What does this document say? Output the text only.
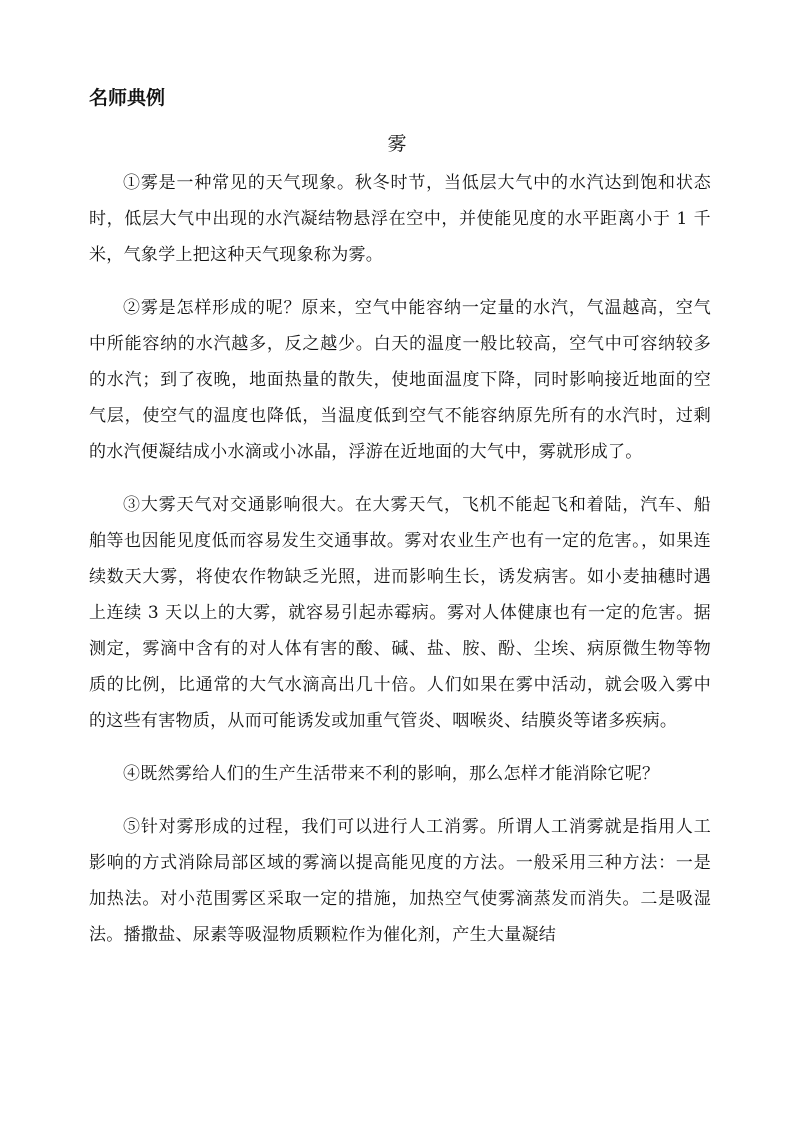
名师典例
雾

①雾是一种常见的天气现象。秋冬时节，当低层大气中的水汽达到饱和状态时，低层大气中出现的水汽凝结物悬浮在空中，并使能见度的水平距离小于 1 千米，气象学上把这种天气现象称为雾。

②雾是怎样形成的呢？原来，空气中能容纳一定量的水汽，气温越高，空气中所能容纳的水汽越多，反之越少。白天的温度一般比较高，空气中可容纳较多的水汽；到了夜晚，地面热量的散失，使地面温度下降，同时影响接近地面的空气层，使空气的温度也降低，当温度低到空气不能容纳原先所有的水汽时，过剩的水汽便凝结成小水滴或小冰晶，浮游在近地面的大气中，雾就形成了。

③大雾天气对交通影响很大。在大雾天气，飞机不能起飞和着陆，汽车、船舶等也因能见度低而容易发生交通事故。雾对农业生产也有一定的危害。，如果连续数天大雾，将使农作物缺乏光照，进而影响生长，诱发病害。如小麦抽穗时遇上连续 3 天以上的大雾，就容易引起赤霉病。雾对人体健康也有一定的危害。据测定，雾滴中含有的对人体有害的酸、碱、盐、胺、酚、尘埃、病原微生物等物质的比例，比通常的大气水滴高出几十倍。人们如果在雾中活动，就会吸入雾中的这些有害物质，从而可能诱发或加重气管炎、咽喉炎、结膜炎等诸多疾病。

④既然雾给人们的生产生活带来不利的影响，那么怎样才能消除它呢？

⑤针对雾形成的过程，我们可以进行人工消雾。所谓人工消雾就是指用人工影响的方式消除局部区域的雾滴以提高能见度的方法。一般采用三种方法：一是加热法。对小范围雾区采取一定的措施，加热空气使雾滴蒸发而消失。二是吸湿法。播撒盐、尿素等吸湿物质颗粒作为催化剂，产生大量凝结
